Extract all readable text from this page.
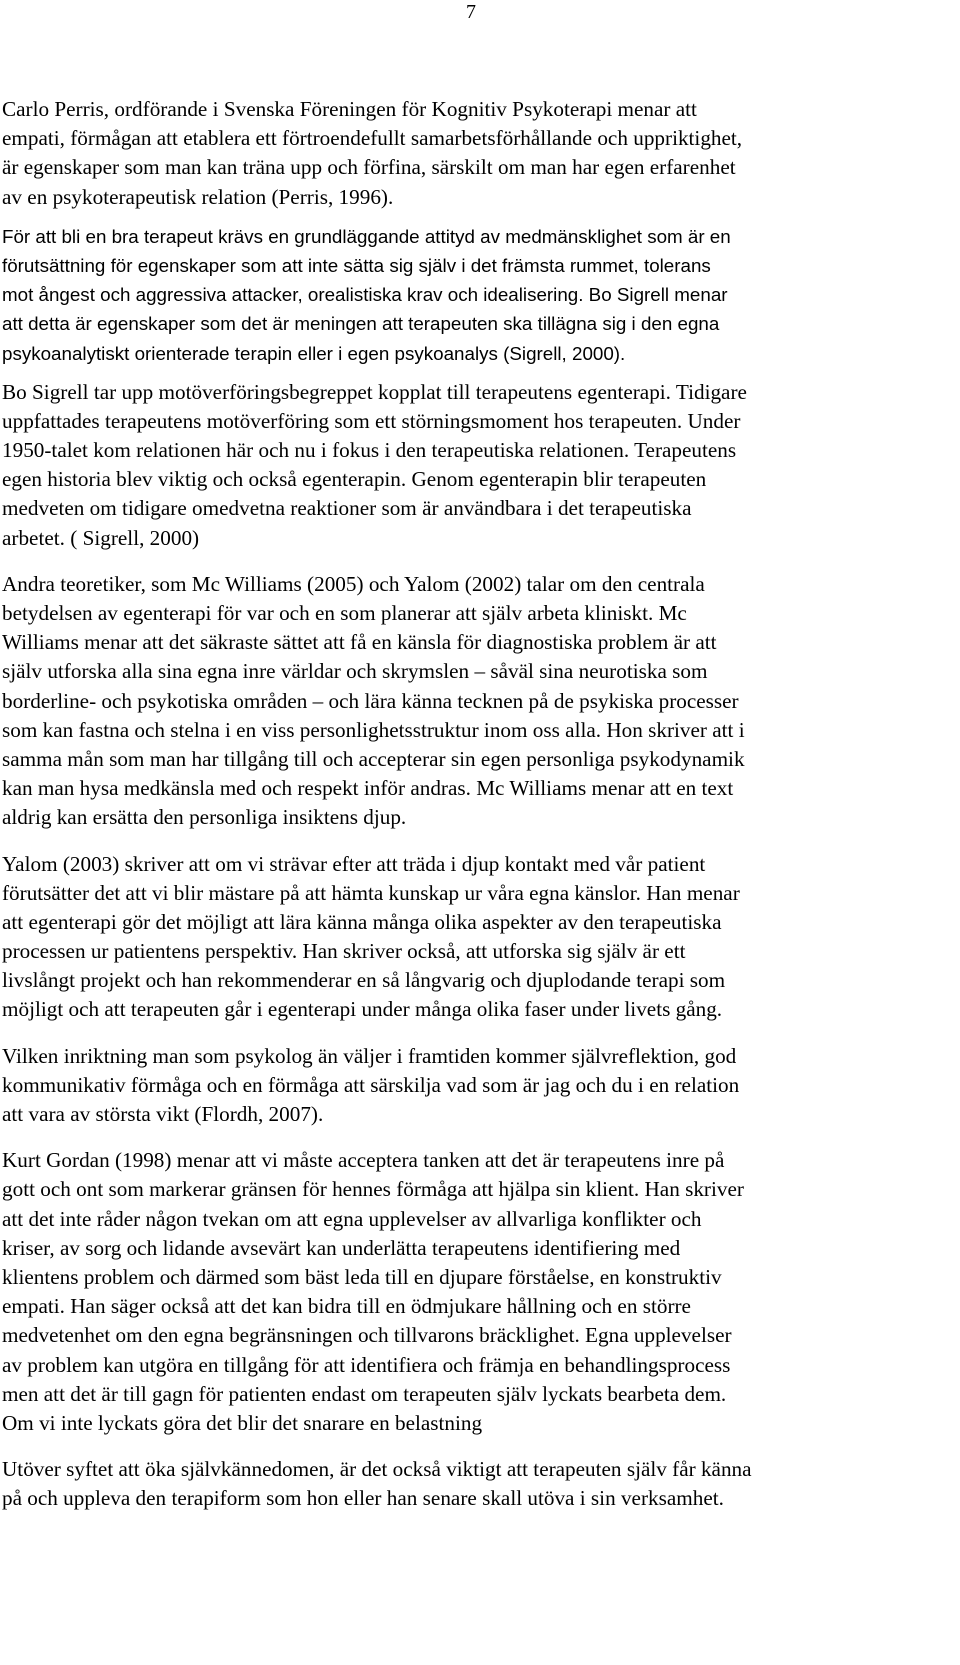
7
Carlo Perris, ordförande i Svenska Föreningen för Kognitiv Psykoterapi menar att
empati, förmågan att etablera ett förtroendefullt samarbetsförhållande och uppriktighet,
är egenskaper som man kan träna upp och förfina, särskilt om man har egen erfarenhet
av en psykoterapeutisk relation (Perris, 1996).
För att bli en bra terapeut krävs en grundläggande attityd av medmänsklighet som är en
förutsättning för egenskaper som att inte sätta sig själv i det främsta rummet, tolerans
mot ångest och aggressiva attacker, orealistiska krav och idealisering. Bo Sigrell menar
att detta är egenskaper som det är meningen att terapeuten ska tillägna sig i den egna
psykoanalytiskt orienterade terapin eller i egen psykoanalys (Sigrell, 2000).
Bo Sigrell tar upp motöverföringsbegreppet kopplat till terapeutens egenterapi. Tidigare
uppfattades terapeutens motöverföring som ett störningsmoment hos terapeuten. Under
1950-talet kom relationen här och nu i fokus i den terapeutiska relationen. Terapeutens
egen historia blev viktig och också egenterapin. Genom egenterapin blir terapeuten
medveten om tidigare omedvetna reaktioner som är användbara i det terapeutiska
arbetet. ( Sigrell, 2000)
Andra teoretiker, som Mc Williams (2005) och Yalom (2002) talar om den centrala
betydelsen av egenterapi för var och en som planerar att själv arbeta kliniskt. Mc
Williams menar att det säkraste sättet att få en känsla för diagnostiska problem är att
själv utforska alla sina egna inre världar och skrymslen – såväl sina neurotiska som
borderline- och psykotiska områden – och lära känna tecknen på de psykiska processer
som kan fastna och stelna i en viss personlighetsstruktur inom oss alla. Hon skriver att i
samma mån som man har tillgång till och accepterar sin egen personliga psykodynamik
kan man hysa medkänsla med och respekt inför andras. Mc Williams menar att en text
aldrig kan ersätta den personliga insiktens djup.
Yalom (2003) skriver att om vi strävar efter att träda i djup kontakt med vår patient
förutsätter det att vi blir mästare på att hämta kunskap ur våra egna känslor. Han menar
att egenterapi gör det möjligt att lära känna många olika aspekter av den terapeutiska
processen ur patientens perspektiv. Han skriver också, att utforska sig själv är ett
livslångt projekt och han rekommenderar en så långvarig och djuplodande terapi som
möjligt och att terapeuten går i egenterapi under många olika faser under livets gång.
Vilken inriktning man som psykolog än väljer i framtiden kommer självreflektion, god
kommunikativ förmåga och en förmåga att särskilja vad som är jag och du i en relation
att vara av största vikt (Flordh, 2007).
Kurt Gordan (1998) menar att vi måste acceptera tanken att det är terapeutens inre på
gott och ont som markerar gränsen för hennes förmåga att hjälpa sin klient. Han skriver
att det inte råder någon tvekan om att egna upplevelser av allvarliga konflikter och
kriser, av sorg och lidande avsevärt kan underlätta terapeutens identifiering med
klientens problem och därmed som bäst leda till en djupare förståelse, en konstruktiv
empati. Han säger också att det kan bidra till en ödmjukare hållning och en större
medvetenhet om den egna begränsningen och tillvarons bräcklighet. Egna upplevelser
av problem kan utgöra en tillgång för att identifiera och främja en behandlingsprocess
men att det är till gagn för patienten endast om terapeuten själv lyckats bearbeta dem.
Om vi inte lyckats göra det blir det snarare en belastning
Utöver syftet att öka självkännedomen, är det också viktigt att terapeuten själv får känna
på och uppleva den terapiform som hon eller han senare skall utöva i sin verksamhet.
